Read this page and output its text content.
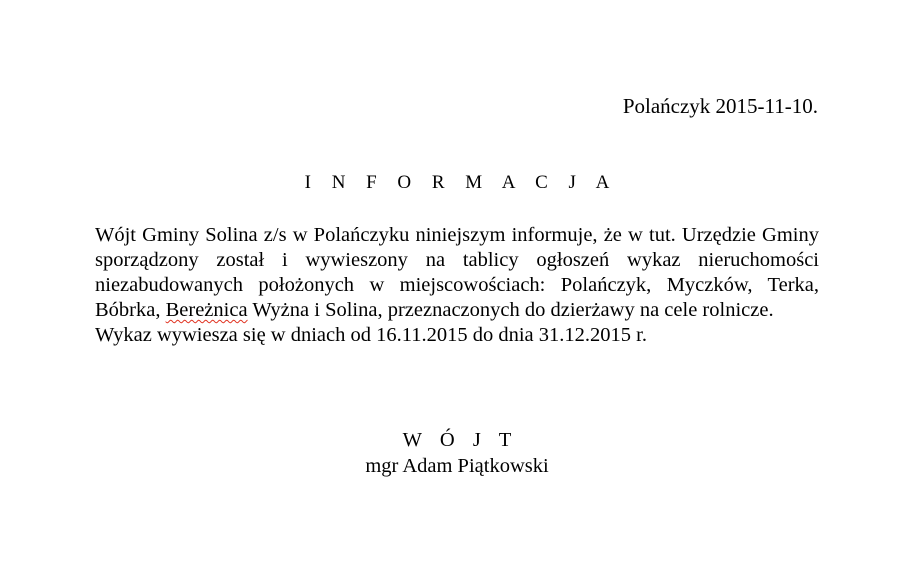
Polańczyk 2015-11-10.
I N F O R M A C J A

Wójt Gminy Solina z/s w Polańczyku niniejszym informuje, że w tut. Urzędzie Gminy sporządzony został i wywieszony na tablicy ogłoszeń wykaz nieruchomości niezabudowanych położonych w miejscowościach: Polańczyk, Myczków, Terka, Bóbrka, Bereżnica Wyżna i Solina, przeznaczonych do dzierżawy na cele rolnicze.

Wykaz wywiesza się w dniach od 16.11.2015 do dnia 31.12.2015 r.

W Ó J T
mgr Adam Piątkowski
